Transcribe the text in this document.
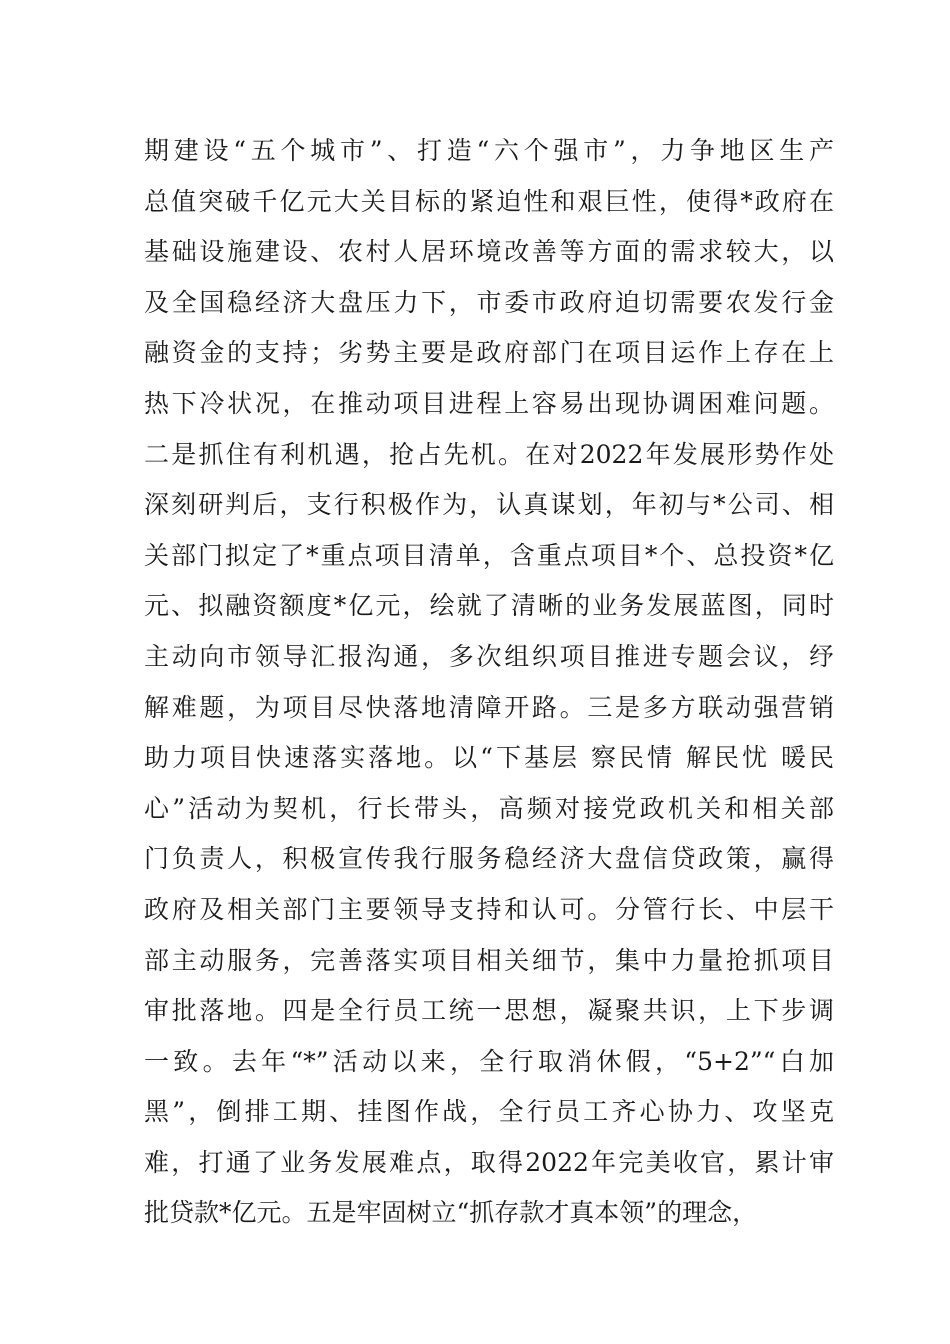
期建设“五个城市”、打造“六个强市”，力争地区生产
总值突破千亿元大关目标的紧迫性和艰巨性，使得*政府在
基础设施建设、农村人居环境改善等方面的需求较大，以
及全国稳经济大盘压力下，市委市政府迫切需要农发行金
融资金的支持；劣势主要是政府部门在项目运作上存在上
热下冷状况，在推动项目进程上容易出现协调困难问题。
二是抓住有利机遇，抢占先机。在对2022年发展形势作处
深刻研判后，支行积极作为，认真谋划，年初与*公司、相
关部门拟定了*重点项目清单，含重点项目*个、总投资*亿
元、拟融资额度*亿元，绘就了清晰的业务发展蓝图，同时
主动向市领导汇报沟通，多次组织项目推进专题会议，纾
解难题，为项目尽快落地清障开路。三是多方联动强营销
助力项目快速落实落地。以“下基层 察民情 解民忧 暖民
心”活动为契机，行长带头，高频对接党政机关和相关部
门负责人，积极宣传我行服务稳经济大盘信贷政策，赢得
政府及相关部门主要领导支持和认可。分管行长、中层干
部主动服务，完善落实项目相关细节，集中力量抢抓项目
审批落地。四是全行员工统一思想，凝聚共识，上下步调
一致。去年“*”活动以来，全行取消休假，“5+2”“白加
黑”，倒排工期、挂图作战，全行员工齐心协力、攻坚克
难，打通了业务发展难点，取得2022年完美收官，累计审
批贷款*亿元。五是牢固树立“抓存款才真本领”的理念，
